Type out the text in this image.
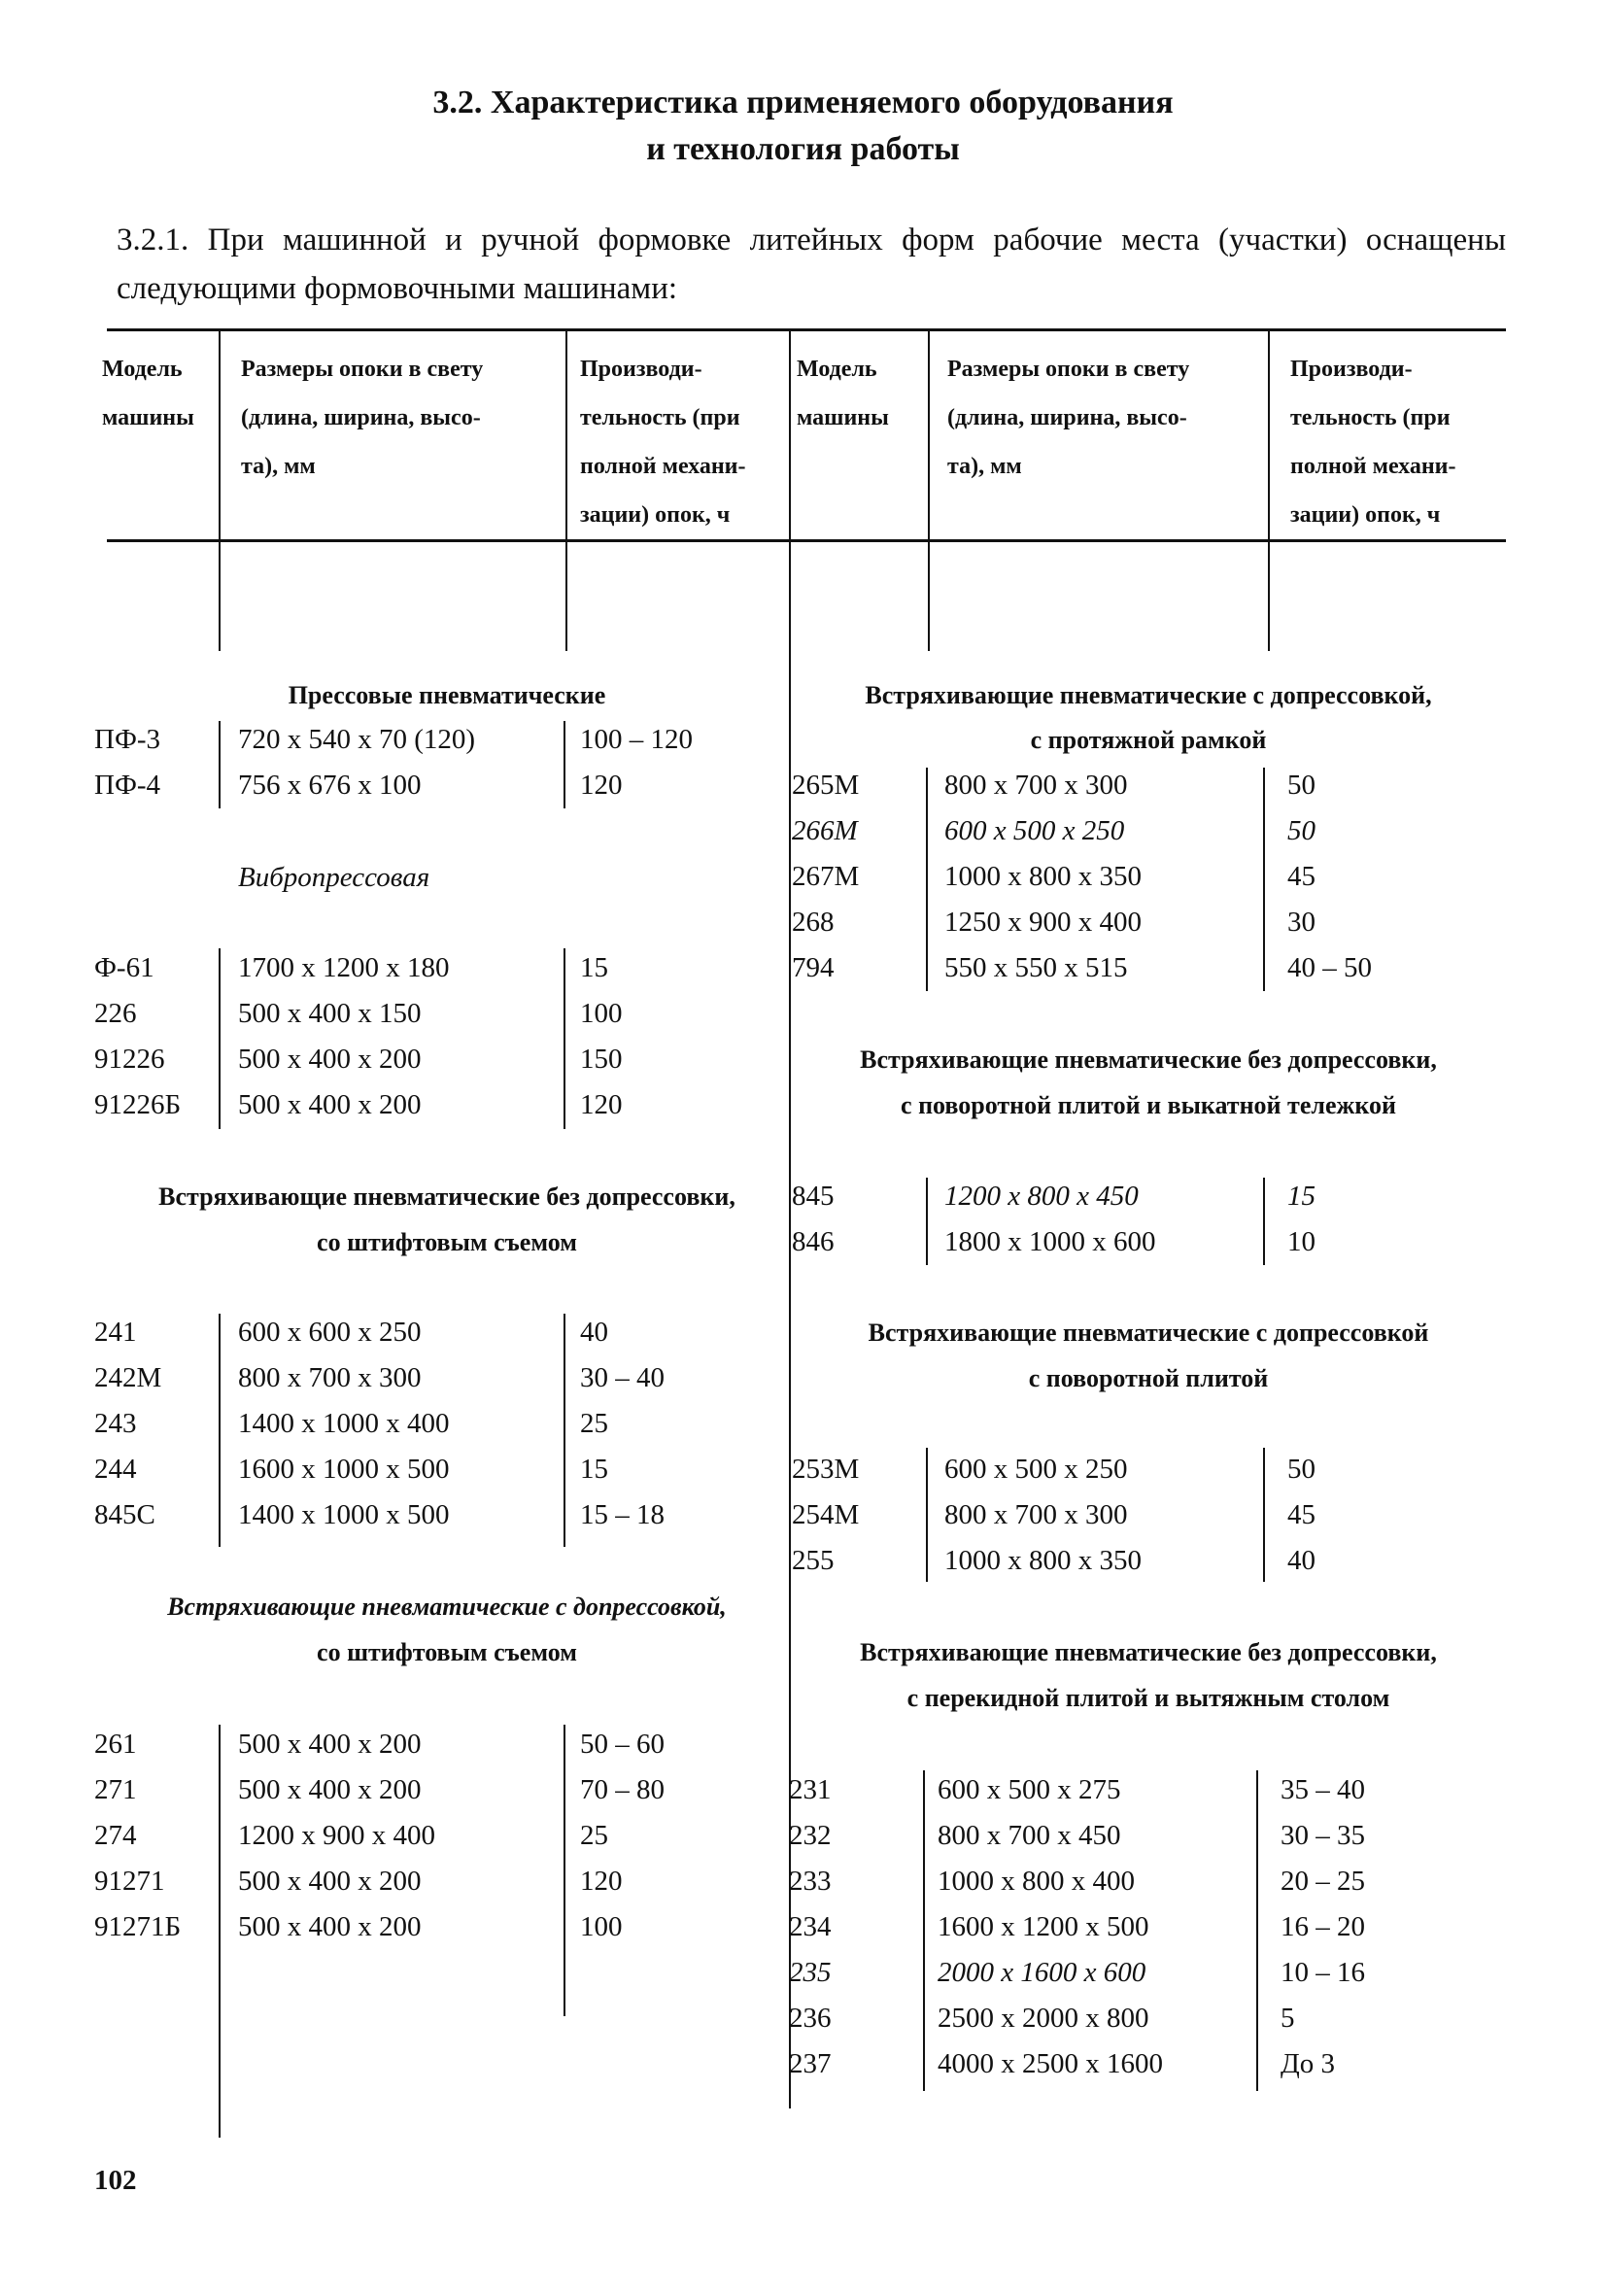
3.2. Характеристика применяемого оборудования
и технология работы
3.2.1. При машинной и ручной формовке литейных форм рабочие места (участки) оснащены следующими формовочными машинами:
Модель
машины
Размеры опоки в свету
(длина, ширина, высо-
та), мм
Производи-
тельность (при
полной механи-
зации) опок, ч
Модель
машины
Размеры опоки в свету
(длина, ширина, высо-
та), мм
Производи-
тельность (при
полной механи-
зации) опок, ч
Прессовые пневматические
ПФ-3	720 x 540 x 70 (120)	100 – 120
ПФ-4	756 x 676 x 100	120
Вибропрессовая
Ф-61	1700 x 1200 x 180	15
226	500 x 400 x 150	100
91226	500 x 400 x 200	150
91226Б 500 x 400 x 200	120
Встряхивающие пневматические без допрессовки,
со штифтовым съемом
241	600 x 600 x 250	40
242М	800 x 700 x 300	30 – 40
243	1400 x 1000 x 400	25
244	1600 x 1000 x 500	15
845С	1400 x 1000 x 500	15 – 18
Встряхивающие пневматические с допрессовкой,
со штифтовым съемом
261	500 x 400 x 200	50 – 60
271	500 x 400 x 200	70 – 80
274	1200 x 900 x 400	25
91271	500 x 400 x 200	120
91271Б 500 x 400 x 200	100
Встряхивающие пневматические с допрессовкой,
с протяжной рамкой
265М	800 x 700 x 300	50
266М	600 x 500 x 250	50
267М	1000 x 800 x 350	45
268	1250 x 900 x 400	30
794	550 x 550 x 515	40 – 50
Встряхивающие пневматические без допрессовки,
с поворотной плитой и выкатной тележкой
845	1200 x 800 x 450	15
846	1800 x 1000 x 600	10
Встряхивающие пневматические с допрессовкой
с поворотной плитой
253М	600 x 500 x 250	50
254М	800 x 700 x 300	45
255	1000 x 800 x 350	40
Встряхивающие пневматические без допрессовки,
с перекидной плитой и вытяжным столом
231	600 x 500 x 275	35 – 40
232	800 x 700 x 450	30 – 35
233	1000 x 800 x 400	20 – 25
234	1600 x 1200 x 500	16 – 20
235	2000 x 1600 x 600	10 – 16
236	2500 x 2000 x 800	5
237	4000 x 2500 x 1600	До 3
102
